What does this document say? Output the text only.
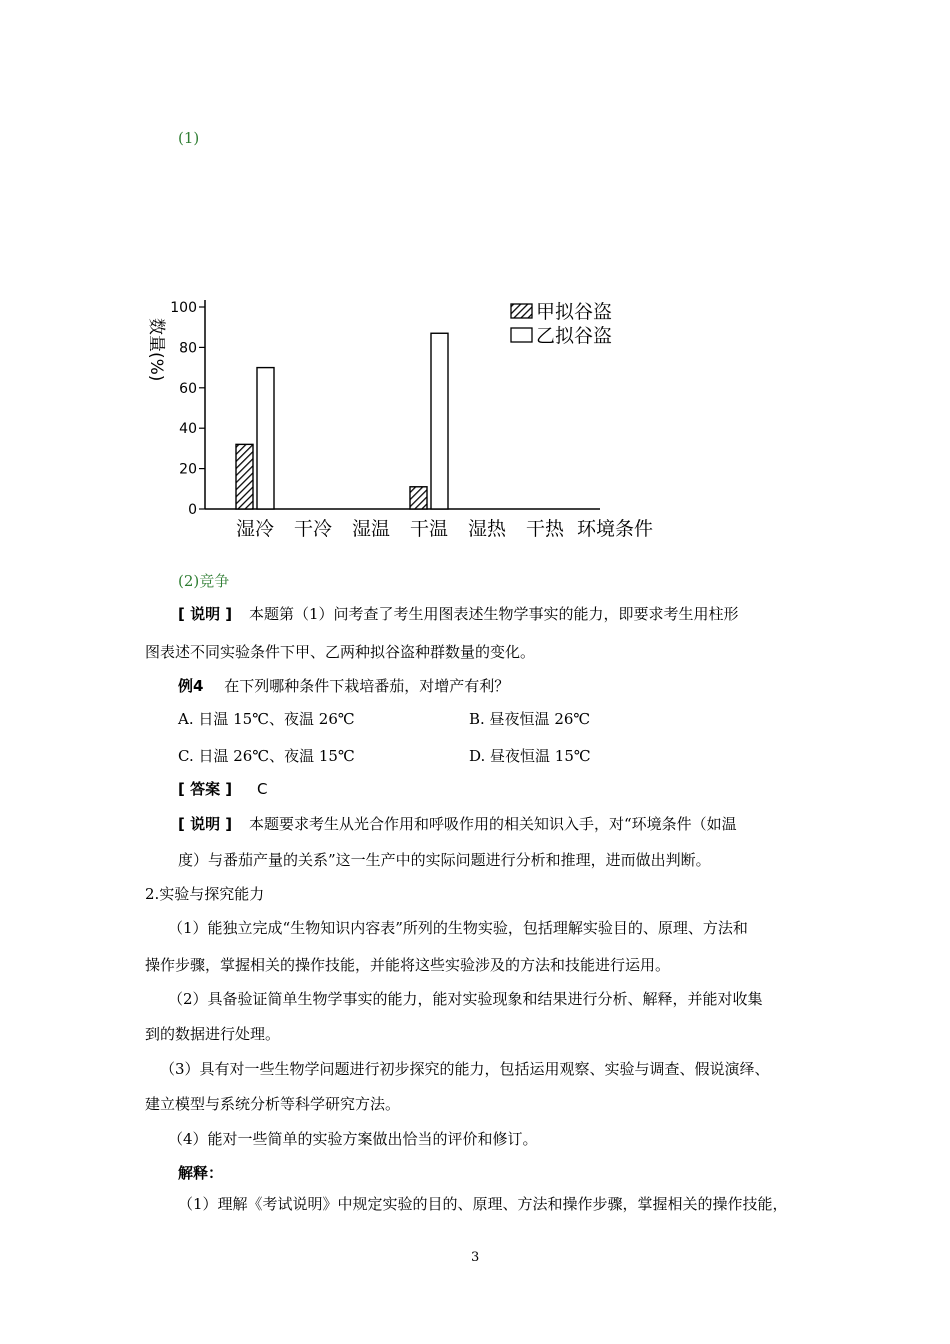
(1)
0
20
40
60
80
100
湿冷 干冷 湿温 干温 湿热 干热 环境条件
数量(%)
甲拟谷盗
乙拟谷盗
(2)竞争
[ 说明 ] 本题第（1）问考查了考生用图表述生物学事实的能力，即要求考生用柱形
图表述不同实验条件下甲、乙两种拟谷盗种群数量的变化。
例4 在下列哪种条件下栽培番茄，对增产有利？
A. 日温 15℃、夜温 26℃	B. 昼夜恒温 26℃
C. 日温 26℃、夜温 15℃	D. 昼夜恒温 15℃
[ 答案 ] C
[ 说明 ] 本题要求考生从光合作用和呼吸作用的相关知识入手，对“环境条件（如温
度）与番茄产量的关系”这一生产中的实际问题进行分析和推理，进而做出判断。
2.实验与探究能力
（1）能独立完成“生物知识内容表”所列的生物实验，包括理解实验目的、原理、方法和
操作步骤，掌握相关的操作技能，并能将这些实验涉及的方法和技能进行运用。
（2）具备验证简单生物学事实的能力，能对实验现象和结果进行分析、解释，并能对收集
到的数据进行处理。
（3）具有对一些生物学问题进行初步探究的能力，包括运用观察、实验与调查、假说演绎、
建立模型与系统分析等科学研究方法。
（4）能对一些简单的实验方案做出恰当的评价和修订。
解释：
（1）理解《考试说明》中规定实验的目的、原理、方法和操作步骤，掌握相关的操作技能，
3
